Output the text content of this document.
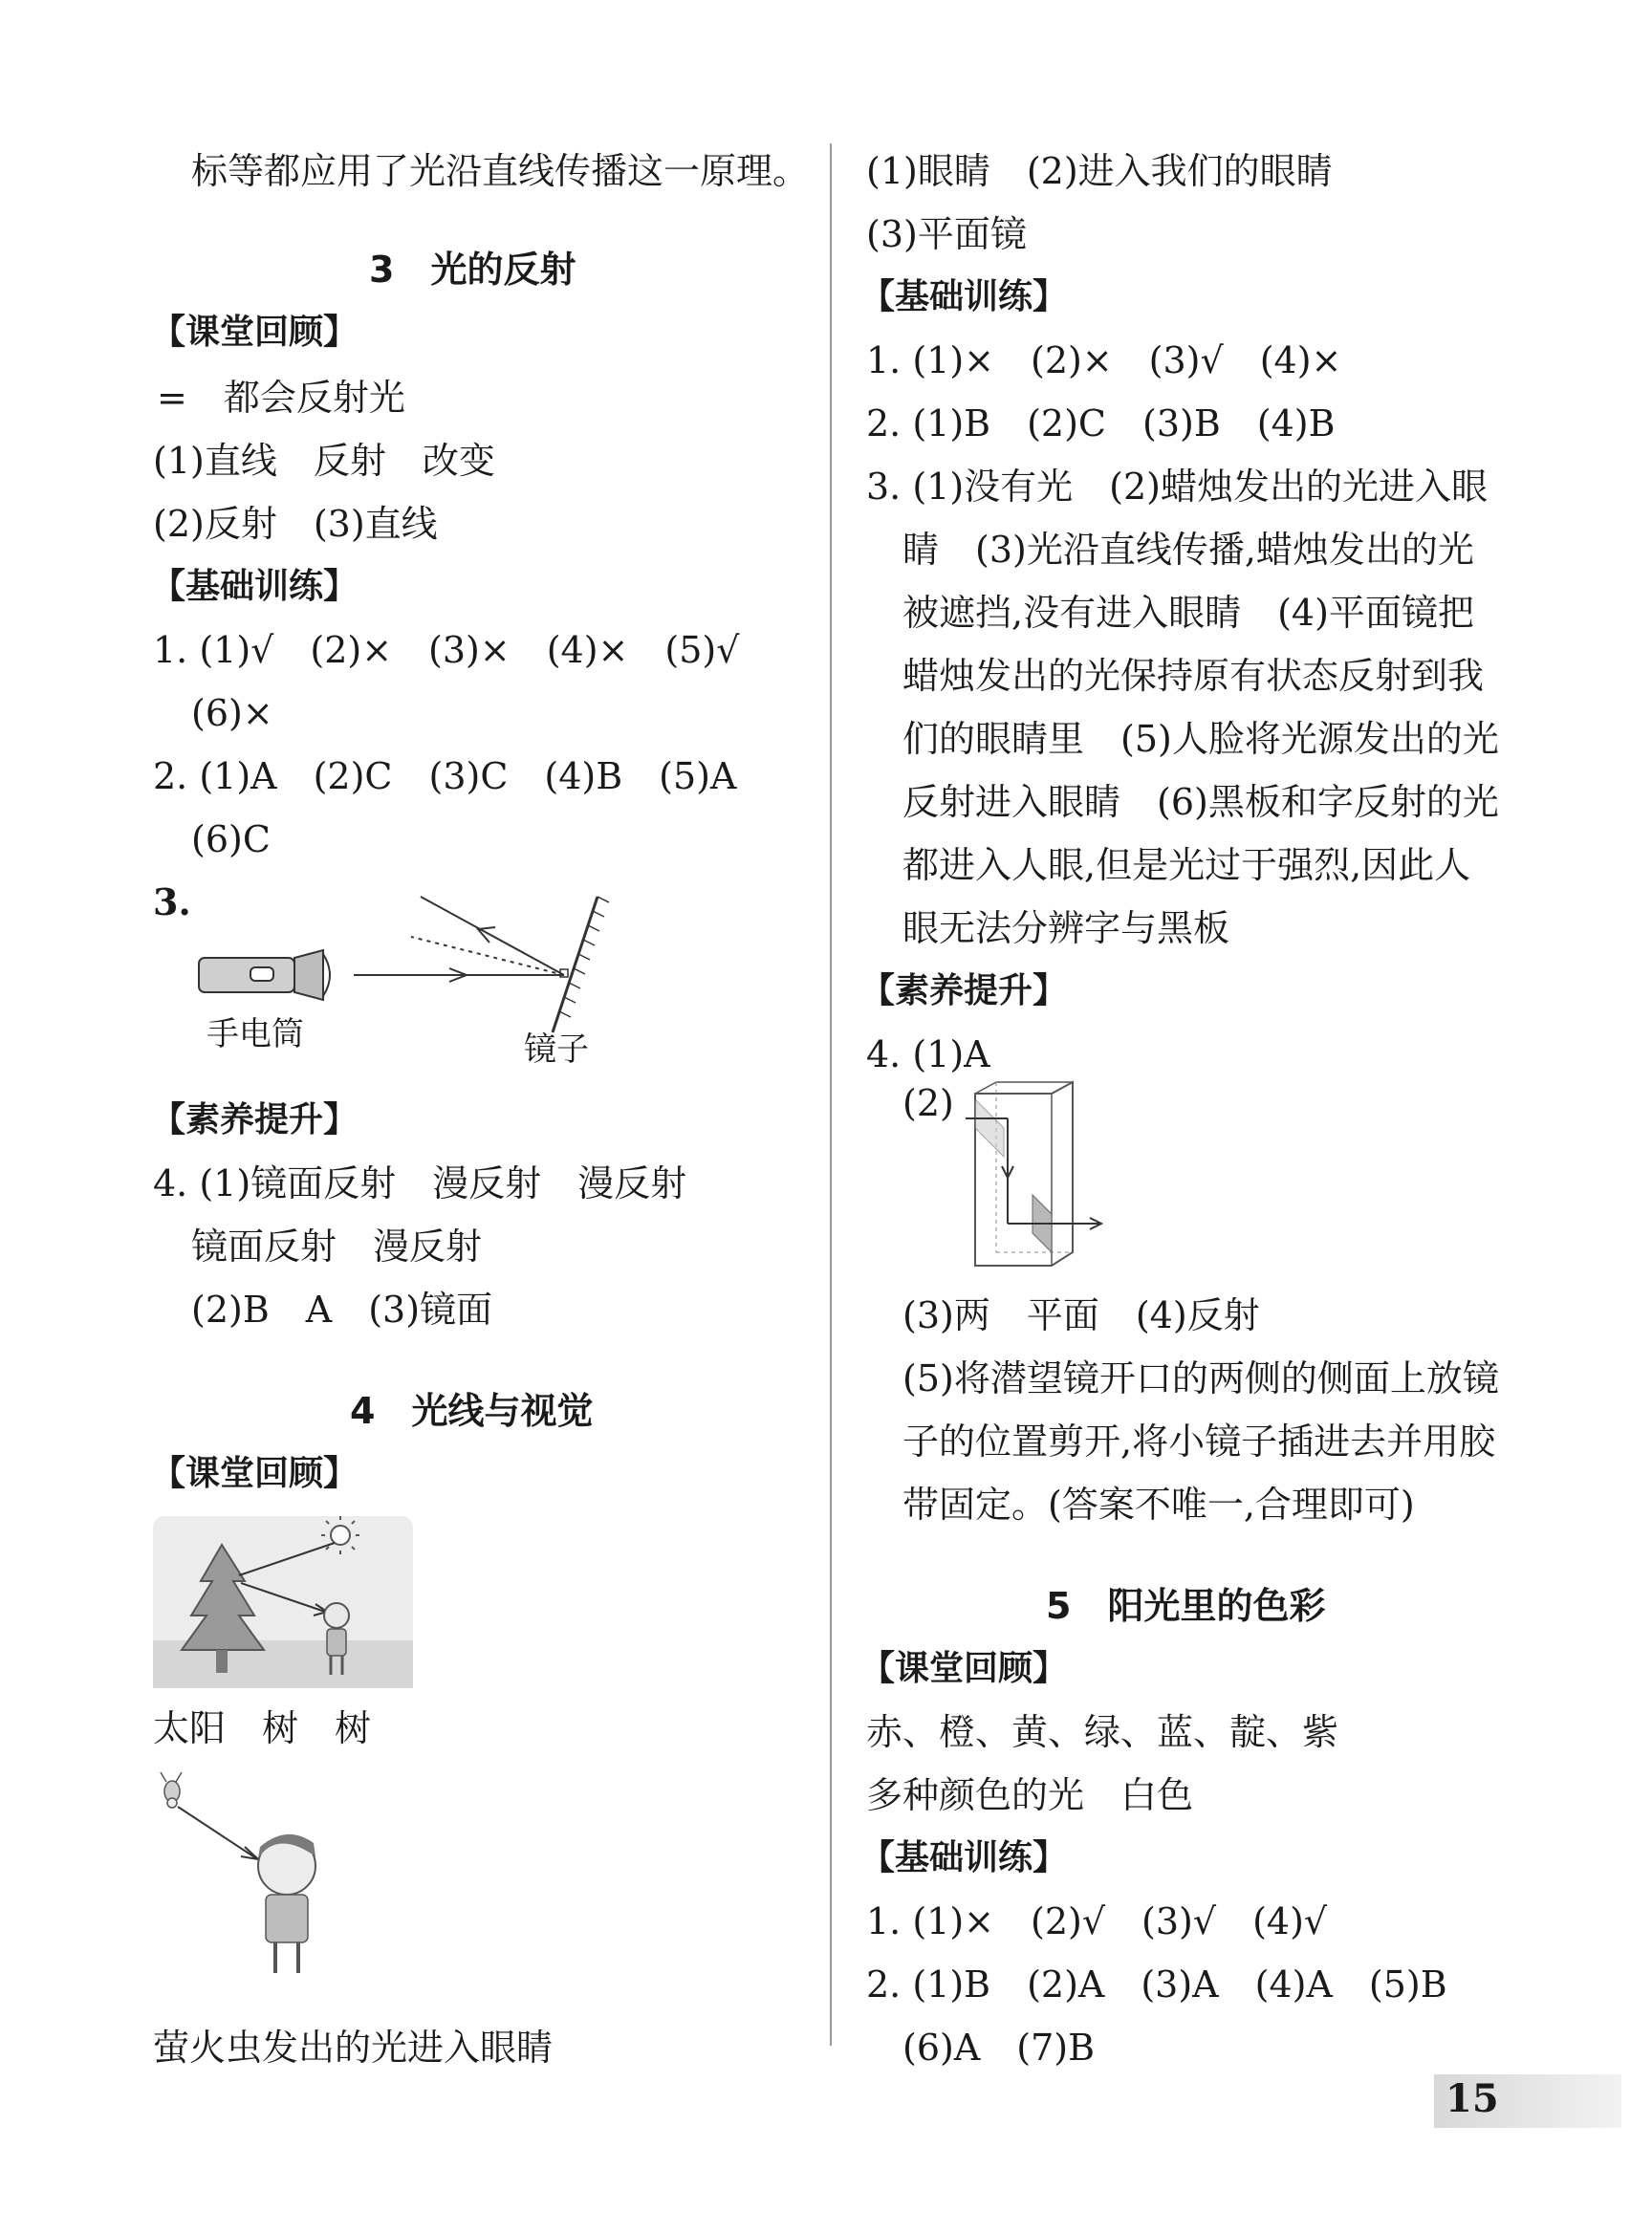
标等都应用了光沿直线传播这一原理。
3　光的反射
【课堂回顾】
=　都会反射光
(1)直线　反射　改变
(2)反射　(3)直线
【基础训练】
1. (1)√　(2)×　(3)×　(4)×　(5)√
(6)×
2. (1)A　(2)C　(3)C　(4)B　(5)A
(6)C
3.
手电筒	镜子
【素养提升】
4. (1)镜面反射　漫反射　漫反射
镜面反射　漫反射
(2)B　A　(3)镜面
4　光线与视觉
【课堂回顾】
太阳　树　树
萤火虫发出的光进入眼睛
(1)眼睛　(2)进入我们的眼睛
(3)平面镜
【基础训练】
1. (1)×　(2)×　(3)√　(4)×
2. (1)B　(2)C　(3)B　(4)B
3. (1)没有光　(2)蜡烛发出的光进入眼
睛　(3)光沿直线传播,蜡烛发出的光
被遮挡,没有进入眼睛　(4)平面镜把
蜡烛发出的光保持原有状态反射到我
们的眼睛里　(5)人脸将光源发出的光
反射进入眼睛　(6)黑板和字反射的光
都进入人眼,但是光过于强烈,因此人
眼无法分辨字与黑板
【素养提升】
4. (1)A
(2)
(3)两　平面　(4)反射
(5)将潜望镜开口的两侧的侧面上放镜
子的位置剪开,将小镜子插进去并用胶
带固定。(答案不唯一,合理即可)
5　阳光里的色彩
【课堂回顾】
赤、橙、黄、绿、蓝、靛、紫
多种颜色的光　白色
【基础训练】
1. (1)×　(2)√　(3)√　(4)√
2. (1)B　(2)A　(3)A　(4)A　(5)B
(6)A　(7)B
15
